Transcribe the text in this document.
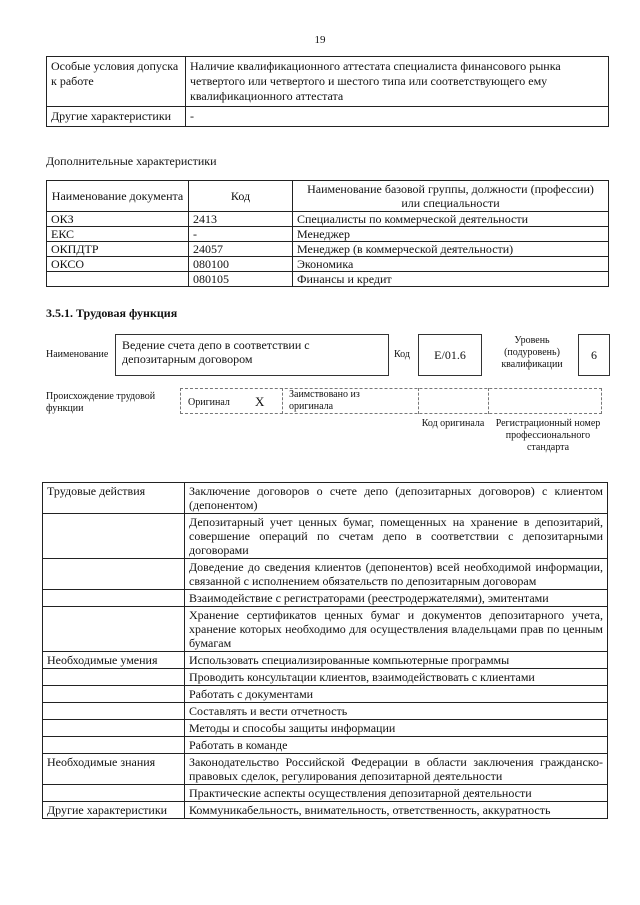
19
Особые условия допуска к работе	Наличие квалификационного аттестата специалиста финансового рынка четвертого или четвертого и шестого типа или соответствующего ему квалификационного аттестата
Другие характеристики	-
Дополнительные характеристики
Наименование документа	Код	Наименование базовой группы, должности (профессии) или специальности
ОКЗ	2413	Специалисты по коммерческой деятельности
ЕКС	-	Менеджер
ОКПДТР	24057	Менеджер (в коммерческой деятельности)
ОКСО	080100	Экономика
	080105	Финансы и кредит
3.5.1. Трудовая функция
Наименование
Ведение счета депо в соответствии с депозитарным договором	Код	E/01.6
Уровень (подуровень) квалификации
6
Происхождение трудовой функции
Оригинал X Заимствовано из оригинала
Код оригинала	Регистрационный номер профессионального стандарта
Трудовые действия	Заключение договоров о счете депо (депозитарных договоров) с клиентом (депонентом)
	Депозитарный учет ценных бумаг, помещенных на хранение в депозитарий, совершение операций по счетам депо в соответствии с депозитарными договорами
	Доведение до сведения клиентов (депонентов) всей необходимой информации, связанной с исполнением обязательств по депозитарным договорам
	Взаимодействие с регистраторами (реестродержателями), эмитентами
	Хранение сертификатов ценных бумаг и документов депозитарного учета, хранение которых необходимо для осуществления владельцами прав по ценным бумагам
Необходимые умения	Использовать специализированные компьютерные программы
	Проводить консультации клиентов, взаимодействовать с клиентами
	Работать с документами
	Составлять и вести отчетность
	Методы и способы защиты информации
	Работать в команде
Необходимые знания	Законодательство Российской Федерации в области заключения гражданско-правовых сделок, регулирования депозитарной деятельности
	Практические аспекты осуществления депозитарной деятельности
Другие характеристики	Коммуникабельность, внимательность, ответственность, аккуратность
